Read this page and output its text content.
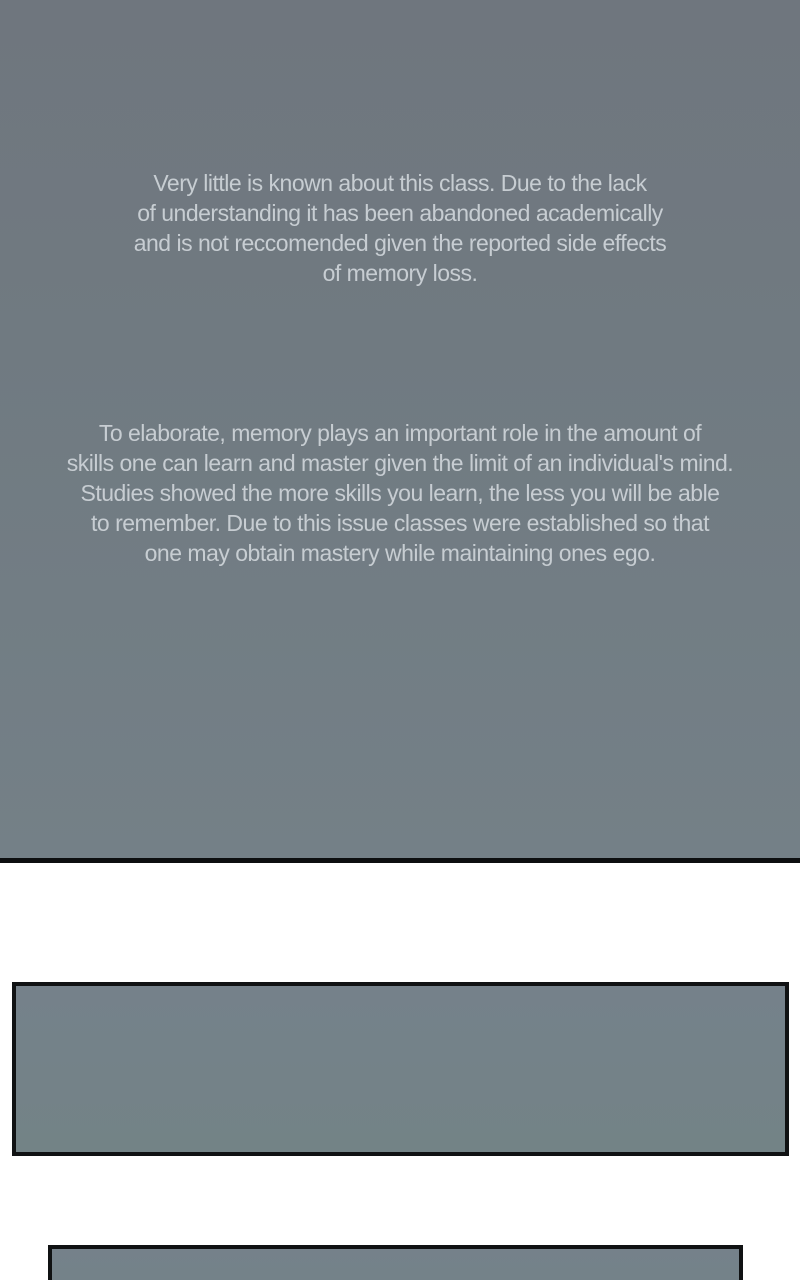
Very little is known about this class. Due to the lack
of understanding it has been abandoned academically
and is not reccomended given the reported side effects
of memory loss.
To elaborate, memory plays an important role in the amount of
skills one can learn and master given the limit of an individual's mind.
Studies showed the more skills you learn, the less you will be able
to remember. Due to this issue classes were established so that
one may obtain mastery while maintaining ones ego.
